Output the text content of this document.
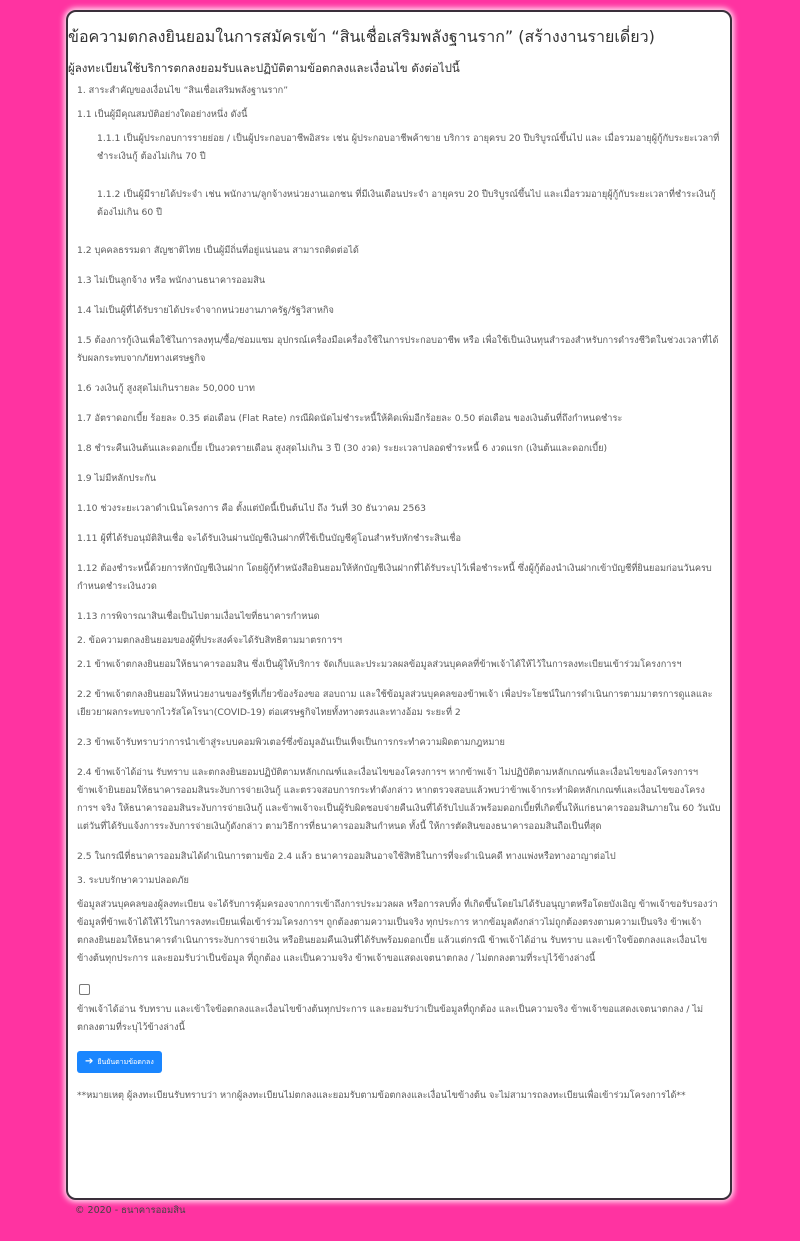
ข้อความตกลงยินยอมในการสมัครเข้า “สินเชื่อเสริมพลังฐานราก” (สร้างงานรายเดี่ยว)
ผู้ลงทะเบียนใช้บริการตกลงยอมรับและปฏิบัติตามข้อตกลงและเงื่อนไข ดังต่อไปนี้

1. สาระสำคัญของเงื่อนไข “สินเชื่อเสริมพลังฐานราก”

1.1 เป็นผู้มีคุณสมบัติอย่างใดอย่างหนึ่ง ดังนี้

1.1.1 เป็นผู้ประกอบการรายย่อย / เป็นผู้ประกอบอาชีพอิสระ เช่น ผู้ประกอบอาชีพค้าขาย บริการ อายุครบ 20 ปีบริบูรณ์ขึ้นไป และ เมื่อรวมอายุผู้กู้กับระยะเวลาที่ชำระเงินกู้ ต้องไม่เกิน 70 ปี

1.1.2 เป็นผู้มีรายได้ประจำ เช่น พนักงาน/ลูกจ้างหน่วยงานเอกชน ที่มีเงินเดือนประจำ อายุครบ 20 ปีบริบูรณ์ขึ้นไป และเมื่อรวมอายุผู้กู้กับระยะเวลาที่ชำระเงินกู้ต้องไม่เกิน 60 ปี

1.2 บุคคลธรรมดา สัญชาติไทย เป็นผู้มีถิ่นที่อยู่แน่นอน สามารถติดต่อได้

1.3 ไม่เป็นลูกจ้าง หรือ พนักงานธนาคารออมสิน

1.4 ไม่เป็นผู้ที่ได้รับรายได้ประจำจากหน่วยงานภาครัฐ/รัฐวิสาหกิจ

1.5 ต้องการกู้เงินเพื่อใช้ในการลงทุน/ซื้อ/ซ่อมแซม อุปกรณ์เครื่องมือเครื่องใช้ในการประกอบอาชีพ หรือ เพื่อใช้เป็นเงินทุนสำรองสำหรับการดำรงชีวิตในช่วงเวลาที่ได้รับผลกระทบจากภัยทางเศรษฐกิจ

1.6 วงเงินกู้ สูงสุดไม่เกินรายละ 50,000 บาท

1.7 อัตราดอกเบี้ย ร้อยละ 0.35 ต่อเดือน (Flat Rate) กรณีผิดนัดไม่ชำระหนี้ให้คิดเพิ่มอีกร้อยละ 0.50 ต่อเดือน ของเงินต้นที่ถึงกำหนดชำระ

1.8 ชำระคืนเงินต้นและดอกเบี้ย เป็นงวดรายเดือน สูงสุดไม่เกิน 3 ปี (30 งวด) ระยะเวลาปลอดชำระหนี้ 6 งวดแรก (เงินต้นและดอกเบี้ย)

1.9 ไม่มีหลักประกัน

1.10 ช่วงระยะเวลาดำเนินโครงการ คือ ตั้งแต่บัดนี้เป็นต้นไป ถึง วันที่ 30 ธันวาคม 2563

1.11 ผู้ที่ได้รับอนุมัติสินเชื่อ จะได้รับเงินผ่านบัญชีเงินฝากที่ใช้เป็นบัญชีคู่โอนสำหรับหักชำระสินเชื่อ

1.12 ต้องชำระหนี้ด้วยการหักบัญชีเงินฝาก โดยผู้กู้ทำหนังสือยินยอมให้หักบัญชีเงินฝากที่ได้รับระบุไว้เพื่อชำระหนี้ ซึ่งผู้กู้ต้องนำเงินฝากเข้าบัญชีที่ยินยอมก่อนวันครบกำหนดชำระเงินงวด

1.13 การพิจารณาสินเชื่อเป็นไปตามเงื่อนไขที่ธนาคารกำหนด

2. ข้อความตกลงยินยอมของผู้ที่ประสงค์จะได้รับสิทธิตามมาตรการฯ

2.1 ข้าพเจ้าตกลงยินยอมให้ธนาคารออมสิน ซึ่งเป็นผู้ให้บริการ จัดเก็บและประมวลผลข้อมูลส่วนบุคคลที่ข้าพเจ้าได้ให้ไว้ในการลงทะเบียนเข้าร่วมโครงการฯ

2.2 ข้าพเจ้าตกลงยินยอมให้หน่วยงานของรัฐที่เกี่ยวข้องร้องขอ สอบถาม และใช้ข้อมูลส่วนบุคคลของข้าพเจ้า เพื่อประโยชน์ในการดำเนินการตามมาตรการดูแลและเยียวยาผลกระทบจากไวรัสโคโรนา(COVID-19) ต่อเศรษฐกิจไทยทั้งทางตรงและทางอ้อม ระยะที่ 2

2.3 ข้าพเจ้ารับทราบว่าการนำเข้าสู่ระบบคอมพิวเตอร์ซึ่งข้อมูลอันเป็นเท็จเป็นการกระทำความผิดตามกฎหมาย

2.4 ข้าพเจ้าได้อ่าน รับทราบ และตกลงยินยอมปฏิบัติตามหลักเกณฑ์และเงื่อนไขของโครงการฯ หากข้าพเจ้า ไม่ปฏิบัติตามหลักเกณฑ์และเงื่อนไขของโครงการฯ ข้าพเจ้ายินยอมให้ธนาคารออมสินระงับการจ่ายเงินกู้ และตรวจสอบการกระทำดังกล่าว หากตรวจสอบแล้วพบว่าข้าพเจ้ากระทำผิดหลักเกณฑ์และเงื่อนไขของโครงการฯ จริง ให้ธนาคารออมสินระงับการจ่ายเงินกู้ และข้าพเจ้าจะเป็นผู้รับผิดชอบจ่ายคืนเงินที่ได้รับไปแล้วพร้อมดอกเบี้ยที่เกิดขึ้นให้แก่ธนาคารออมสินภายใน 60 วันนับแต่วันที่ได้รับแจ้งการระงับการจ่ายเงินกู้ดังกล่าว ตามวิธีการที่ธนาคารออมสินกำหนด ทั้งนี้ ให้การตัดสินของธนาคารออมสินถือเป็นที่สุด

2.5 ในกรณีที่ธนาคารออมสินได้ดำเนินการตามข้อ 2.4 แล้ว ธนาคารออมสินอาจใช้สิทธิในการที่จะดำเนินคดี ทางแพ่งหรือทางอาญาต่อไป

3. ระบบรักษาความปลอดภัย

ข้อมูลส่วนบุคคลของผู้ลงทะเบียน จะได้รับการคุ้มครองจากการเข้าถึงการประมวลผล หรือการลบทิ้ง ที่เกิดขึ้นโดยไม่ได้รับอนุญาตหรือโดยบังเอิญ ข้าพเจ้าขอรับรองว่าข้อมูลที่ข้าพเจ้าได้ให้ไว้ในการลงทะเบียนเพื่อเข้าร่วมโครงการฯ ถูกต้องตามความเป็นจริง ทุกประการ หากข้อมูลดังกล่าวไม่ถูกต้องตรงตามความเป็นจริง ข้าพเจ้าตกลงยินยอมให้ธนาคารดำเนินการระงับการจ่ายเงิน หรือยินยอมคืนเงินที่ได้รับพร้อมดอกเบี้ย แล้วแต่กรณี ข้าพเจ้าได้อ่าน รับทราบ และเข้าใจข้อตกลงและเงื่อนไขข้างต้นทุกประการ และยอมรับว่าเป็นข้อมูล ที่ถูกต้อง และเป็นความจริง ข้าพเจ้าขอแสดงเจตนาตกลง / ไม่ตกลงตามที่ระบุไว้ข้างล่างนี้

ข้าพเจ้าได้อ่าน รับทราบ และเข้าใจข้อตกลงและเงื่อนไขข้างต้นทุกประการ และยอมรับว่าเป็นข้อมูลที่ถูกต้อง และเป็นความจริง ข้าพเจ้าขอแสดงเจตนาตกลง / ไม่ตกลงตามที่ระบุไว้ข้างล่างนี้

➔ ยืนยันตามข้อตกลง

**หมายเหตุ ผู้ลงทะเบียนรับทราบว่า หากผู้ลงทะเบียนไม่ตกลงและยอมรับตามข้อตกลงและเงื่อนไขข้างต้น จะไม่สามารถลงทะเบียนเพื่อเข้าร่วมโครงการได้**

© 2020 - ธนาคารออมสิน
